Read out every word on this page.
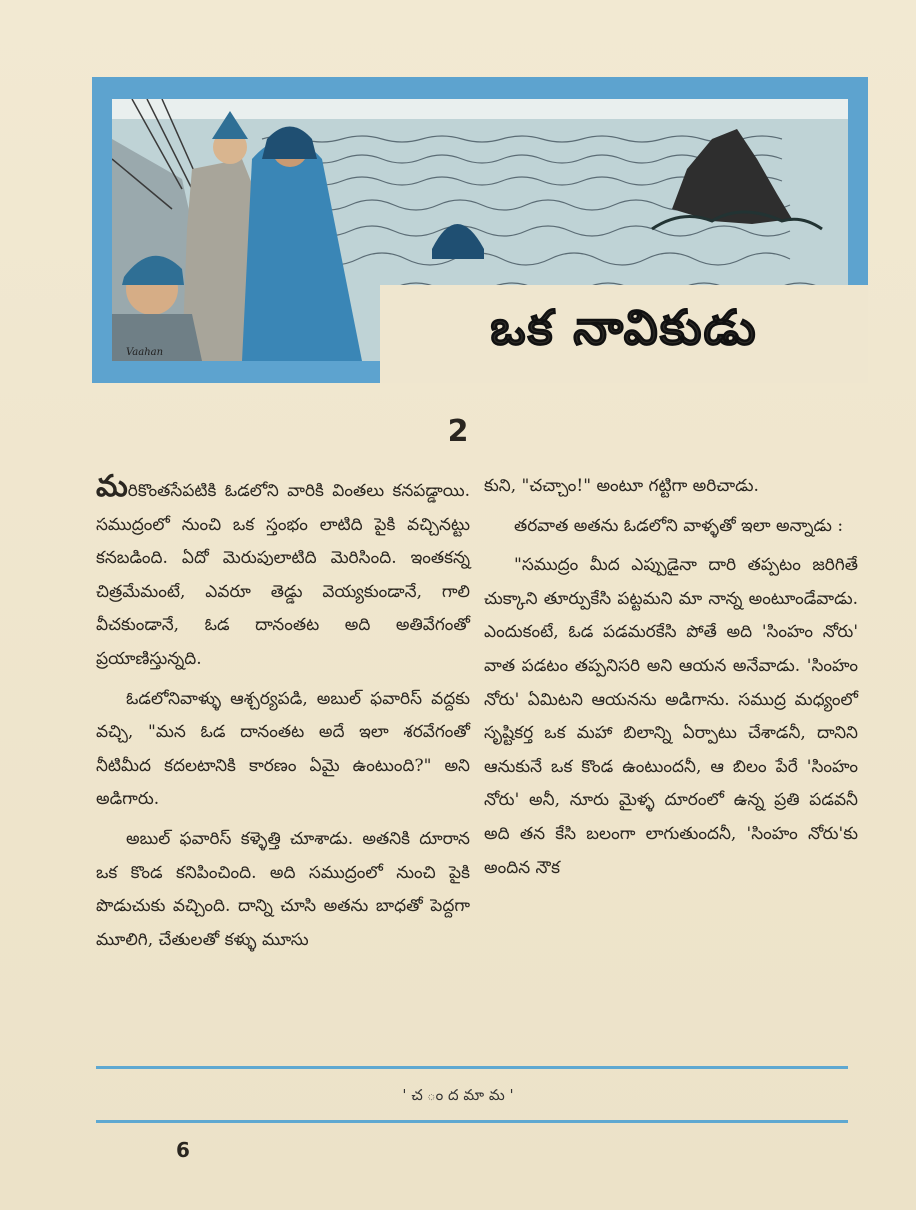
Vaahan	ఒక నావికుడు
2

మరికొంతసేపటికి ఓడలోని వారికి వింతలు కనపడ్డాయి. సముద్రంలో నుంచి ఒక స్తంభం లాటిది పైకి వచ్చినట్టు కనబడింది. ఏదో మెరుపులాటిది మెరిసింది. ఇంతకన్న చిత్రమేమంటే, ఎవరూ తెడ్డు వెయ్యకుండానే, గాలి వీచకుండానే, ఓడ దానంతట అది అతివేగంతో ప్రయాణిస్తున్నది.

ఓడలోనివాళ్ళు ఆశ్చర్యపడి, అబుల్ ఫవారిస్ వద్దకు వచ్చి, "మన ఓడ దానంతట అదే ఇలా శరవేగంతో నీటిమీద కదలటానికి కారణం ఏమై ఉంటుంది?" అని అడిగారు.

అబుల్ ఫవారిస్ కళ్ళెత్తి చూశాడు. అతనికి దూరాన ఒక కొండ కనిపించింది. అది సముద్రంలో నుంచి పైకి పొడుచుకు వచ్చింది. దాన్ని చూసి అతను బాధతో పెద్దగా మూలిగి, చేతులతో కళ్ళు మూసు

కుని, "చచ్చాం!" అంటూ గట్టిగా అరిచాడు.

తరవాత అతను ఓడలోని వాళ్ళతో ఇలా అన్నాడు :

"సముద్రం మీద ఎప్పుడైనా దారి తప్పటం జరిగితే చుక్కాని తూర్పుకేసి పట్టమని మా నాన్న అంటూండేవాడు. ఎందుకంటే, ఓడ పడమరకేసి పోతే అది 'సింహం నోరు' వాత పడటం తప్పనిసరి అని ఆయన అనేవాడు. 'సింహం నోరు' ఏమిటని ఆయనను అడిగాను. సముద్ర మధ్యంలో సృష్టికర్త ఒక మహా బిలాన్ని ఏర్పాటు చేశాడనీ, దానిని ఆనుకునే ఒక కొండ ఉంటుందనీ, ఆ బిలం పేరే 'సింహం నోరు' అనీ, నూరు మైళ్ళ దూరంలో ఉన్న ప్రతి పడవనీ అది తన కేసి బలంగా లాగుతుందనీ, 'సింహం నోరు'కు అందిన నౌక

' చ ం ద మా మ '
6
